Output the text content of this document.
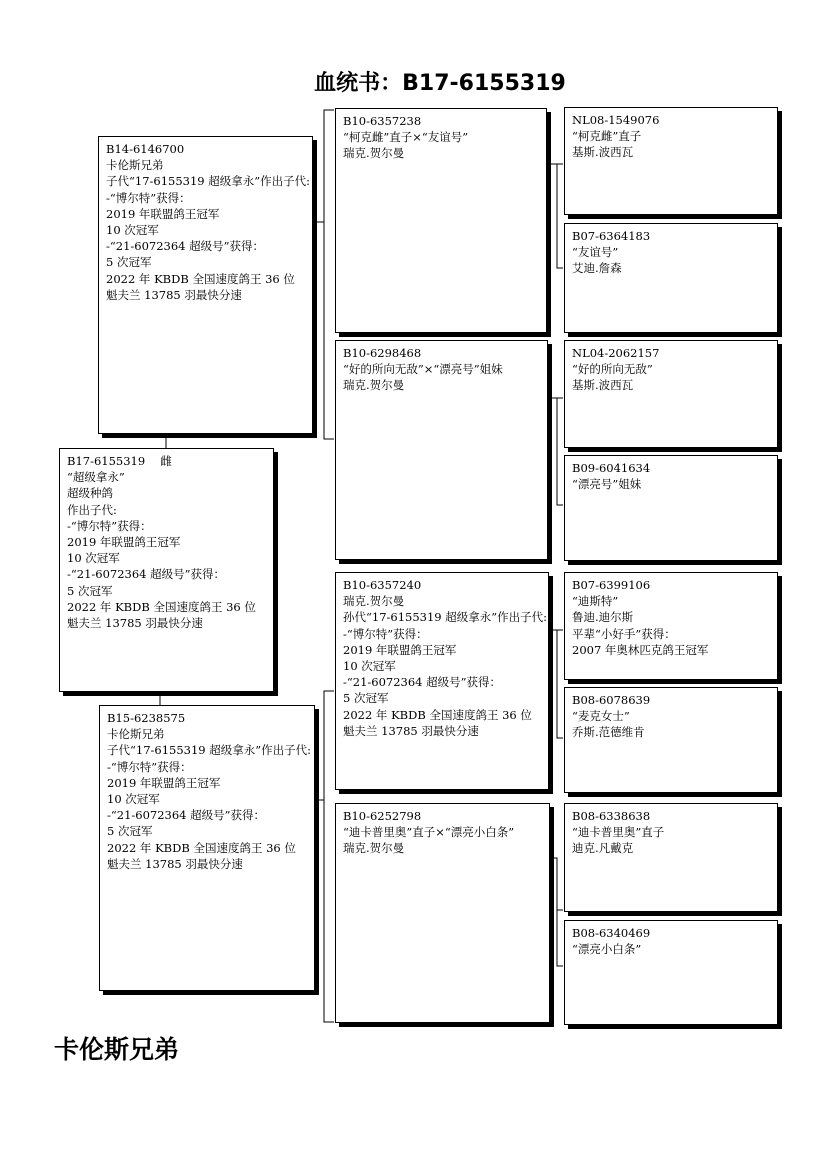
血统书：B17-6155319
B17-6155319　 雌
“超级拿永”
超级种鸽
作出子代:
-“博尔特”获得：
2019 年联盟鸽王冠军
10 次冠军
-“21-6072364 超级号”获得：
5 次冠军
2022 年 KBDB 全国速度鸽王 36 位
魁夫兰 13785 羽最快分速
B14-6146700
卡伦斯兄弟
子代“17-6155319 超级拿永”作出子代:
-“博尔特”获得：
2019 年联盟鸽王冠军
10 次冠军
-“21-6072364 超级号”获得：
5 次冠军
2022 年 KBDB 全国速度鸽王 36 位
魁夫兰 13785 羽最快分速
B15-6238575
卡伦斯兄弟
子代“17-6155319 超级拿永”作出子代:
-“博尔特”获得：
2019 年联盟鸽王冠军
10 次冠军
-“21-6072364 超级号”获得：
5 次冠军
2022 年 KBDB 全国速度鸽王 36 位
魁夫兰 13785 羽最快分速
B10-6357238
“柯克雌”直子×“友谊号”
瑞克.贺尔曼
B10-6298468
“好的所向无敌”×“漂亮号”姐妹
瑞克.贺尔曼
B10-6357240
瑞克.贺尔曼
孙代“17-6155319 超级拿永”作出子代:
-“博尔特”获得：
2019 年联盟鸽王冠军
10 次冠军
-“21-6072364 超级号”获得：
5 次冠军
2022 年 KBDB 全国速度鸽王 36 位
魁夫兰 13785 羽最快分速
B10-6252798
“迪卡普里奥”直子×“漂亮小白条”
瑞克.贺尔曼
NL08-1549076
“柯克雌”直子
基斯.波西瓦
B07-6364183
“友谊号”
艾迪.詹森
NL04-2062157
“好的所向无敌”
基斯.波西瓦
B09-6041634
“漂亮号”姐妹
B07-6399106
“迪斯特”
鲁迪.迪尔斯
平辈“小好手”获得：
2007 年奥林匹克鸽王冠军
B08-6078639
“麦克女士”
乔斯.范德维肯
B08-6338638
“迪卡普里奥”直子
迪克.凡戴克
B08-6340469
“漂亮小白条”
卡伦斯兄弟
